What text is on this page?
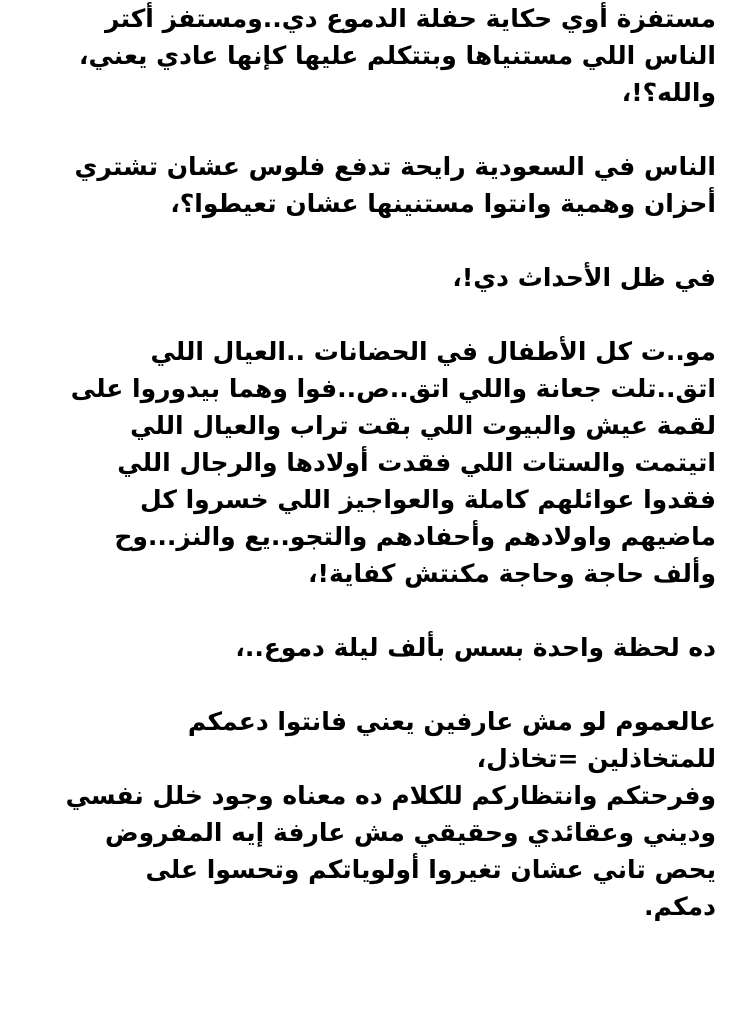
مستفزة أوي حكاية حفلة الدموع دي..ومستفز أكتر
الناس اللي مستنياها وبتتكلم عليها كإنها عادي يعني،
والله؟!،
الناس في السعودية رايحة تدفع فلوس عشان تشتري
أحزان وهمية وانتوا مستنينها عشان تعيطوا؟،
في ظل الأحداث دي!،
مو..ت كل الأطفال في الحضانات ..العيال اللي
اتق..تلت جعانة واللي اتق..ص..فوا وهما بيدوروا على
لقمة عيش والبيوت اللي بقت تراب والعيال اللي
اتيتمت والستات اللي فقدت أولادها والرجال اللي
فقدوا عوائلهم كاملة والعواجيز اللي خسروا كل
ماضيهم واولادهم وأحفادهم والتجو..يع والنز...وح
وألف حاجة وحاجة مكنتش كفاية!،
ده لحظة واحدة بسس بألف ليلة دموع..،
عالعموم لو مش عارفين يعني فانتوا دعمكم
للمتخاذلين =تخاذل،
وفرحتكم وانتظاركم للكلام ده معناه وجود خلل نفسي
وديني وعقائدي وحقيقي مش عارفة إيه المفروض
يحص تاني عشان تغيروا أولوياتكم وتحسوا على
دمكم.
